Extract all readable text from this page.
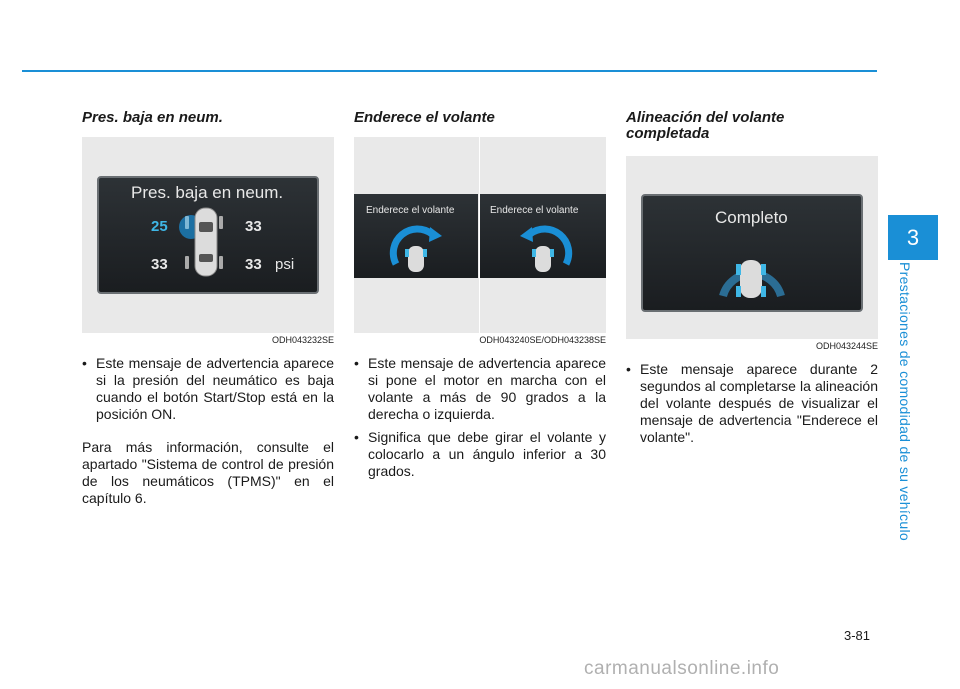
Pres. baja en neum.
Pres. baja en neum.
25	33
33	33 psi
ODH043232SE
• Este mensaje de advertencia aparece si la presión del neumático es baja cuando el botón Start/Stop está en la posición ON.
Para más información, consulte el apartado "Sistema de control de presión de los neumáticos (TPMS)" en el capítulo 6.
Enderece el volante
Enderece el volante	Enderece el volante
ODH043240SE/ODH043238SE
• Este mensaje de advertencia aparece si pone el motor en marcha con el volante a más de 90 grados a la derecha o izquierda.
• Significa que debe girar el volante y colocarlo a un ángulo inferior a 30 grados.
Alineación del volante
completada
Completo
ODH043244SE
• Este mensaje aparece durante 2 segundos al completarse la alineación del volante después de visualizar el mensaje de advertencia "Enderece el volante".
3
Prestaciones de comodidad de su vehículo
3-81
carmanualsonline.info
